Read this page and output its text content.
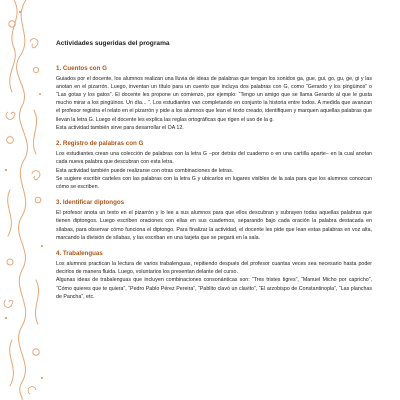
Actividades sugeridas del programa
1. Cuentos con G

Guiados por el docente, los alumnos realizan una lluvia de ideas de palabras que tengan los sonidos ga, gue, gui, go, gu, ge, gi y las anotan en el pizarrón. Luego, inventan un título para un cuento que incluya dos palabras con G, como “Gerardo y los pingüinos” o “Las gotas y los gatos”. El docente les propone un comienzo, por ejemplo: “Tengo un amigo que se llama Gerardo al que le gusta mucho mirar a los pingüinos. Un día... ”. Los estudiantes van completando en conjunto la historia entre todos. A medida que avanzan el profesor registra el relato en el pizarrón y pide a los alumnos que lean el texto creado, identifiquen y marquen aquellas palabras que llevan la letra G. Luego el docente les explica las reglas ortográficas que rigen el uso de la g.

Esta actividad también sirve para desarrollar el OA 12.

2. Registro de palabras con G

Los estudiantes crean una colección de palabras con la letra G −por detrás del cuaderno o en una cartilla aparte− en la cual anotan cada nueva palabra que descubran con esta letra.

Esta actividad también puede realizarse con otras combinaciones de letras.

Se sugiere escribir carteles con las palabras con la letra G y ubicarlos en lugares visibles de la sala para que los alumnos conozcan cómo se escriben.

3. Identificar diptongos

El profesor anota un texto en el pizarrón y lo lee a sus alumnos para que ellos descubran y subrayen todas aquellas palabras que tienen diptongos. Luego escriben oraciones con ellas en sus cuadernos, separando bajo cada oración la palabra destacada en sílabas, para observar cómo funciona el diptongo. Para finalizar la actividad, el docente les pide que lean estas palabras en voz alta, marcando la división de sílabas, y las escriban en una tarjeta que se pegará en la sala.

4. Trabalenguas

Los alumnos practican la lectura de varios trabalenguas, repitiendo después del profesor cuantas veces sea necesario hasta poder decirlos de manera fluida. Luego, voluntarios los presentan delante del curso.

Algunas ideas de trabalenguas que incluyen combinaciones consonánticas son: “Tres tristes tigres”, “Manuel Micho por capricho”, “Cómo quieres que te quiera”, “Pedro Pablo Pérez Pereira”, “Pablito clavó un clavito”, “El arzobispo de Constantinopla”, “Las planchas de Pancha”, etc.
